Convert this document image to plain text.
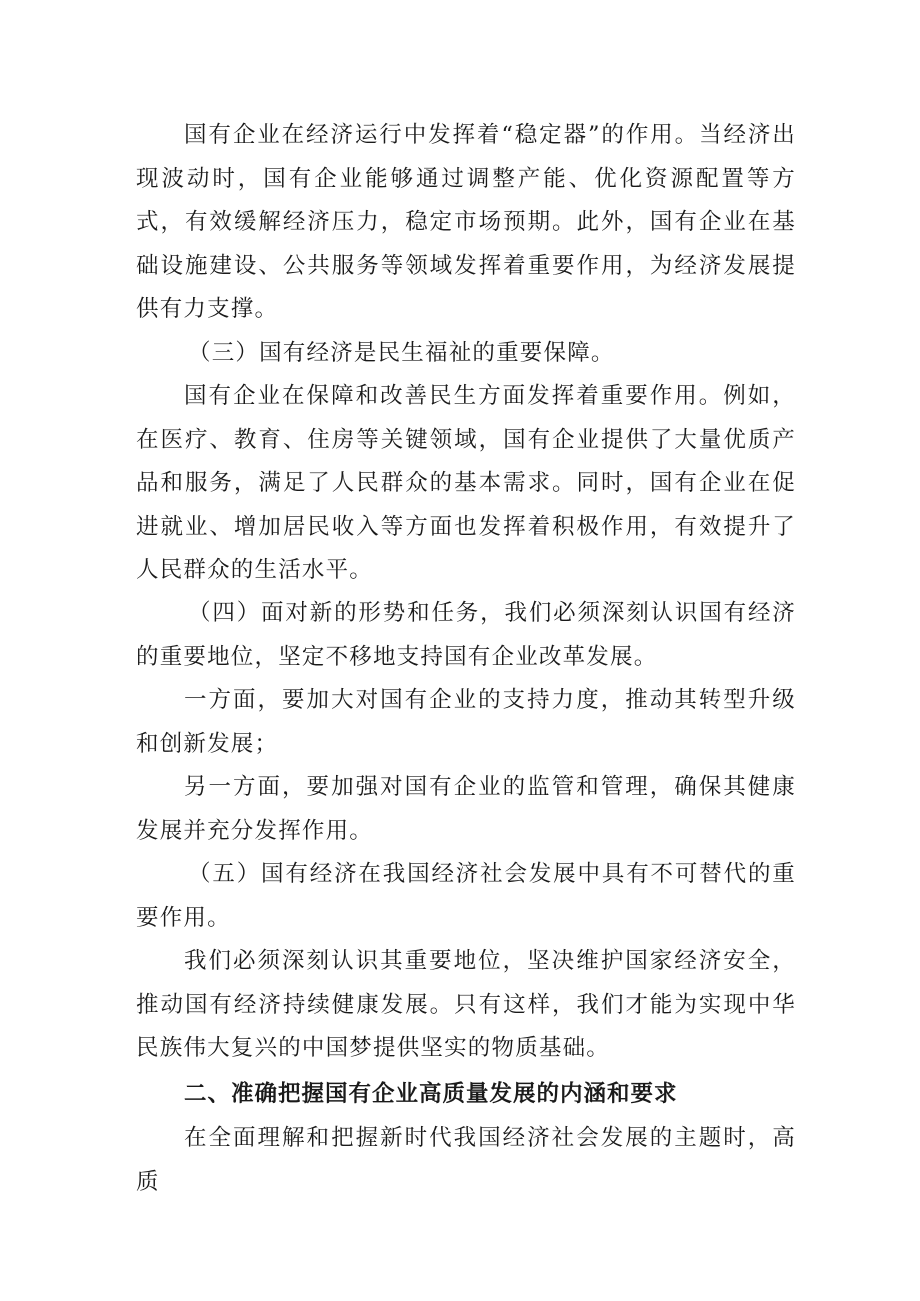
国有企业在经济运行中发挥着“稳定器”的作用。当经济出现波动时，国有企业能够通过调整产能、优化资源配置等方式，有效缓解经济压力，稳定市场预期。此外，国有企业在基础设施建设、公共服务等领域发挥着重要作用，为经济发展提供有力支撑。

（三）国有经济是民生福祉的重要保障。

国有企业在保障和改善民生方面发挥着重要作用。例如，在医疗、教育、住房等关键领域，国有企业提供了大量优质产品和服务，满足了人民群众的基本需求。同时，国有企业在促进就业、增加居民收入等方面也发挥着积极作用，有效提升了人民群众的生活水平。

（四）面对新的形势和任务，我们必须深刻认识国有经济的重要地位，坚定不移地支持国有企业改革发展。

一方面，要加大对国有企业的支持力度，推动其转型升级和创新发展；

另一方面，要加强对国有企业的监管和管理，确保其健康发展并充分发挥作用。

（五）国有经济在我国经济社会发展中具有不可替代的重要作用。

我们必须深刻认识其重要地位，坚决维护国家经济安全，推动国有经济持续健康发展。只有这样，我们才能为实现中华民族伟大复兴的中国梦提供坚实的物质基础。

二、准确把握国有企业高质量发展的内涵和要求

在全面理解和把握新时代我国经济社会发展的主题时，高质
